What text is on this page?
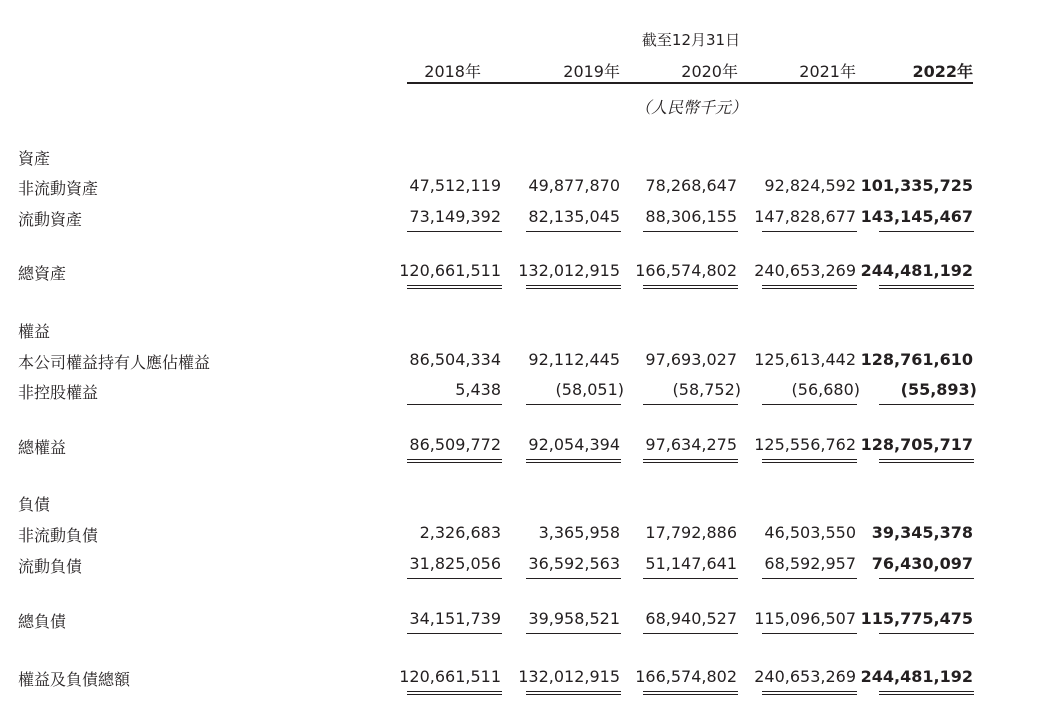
截至12月31日
2018年	2019年	2020年	2021年	2022年
（人民幣千元）
資產
非流動資產	47,512,119	49,877,870	78,268,647	92,824,592 101,335,725
流動資產	73,149,392	82,135,045	88,306,155	147,828,677 143,145,467
總資產	120,661,511	132,012,915 166,574,802	240,653,269 244,481,192
權益
本公司權益持有人應佔權益	86,504,334	92,112,445	97,693,027	125,613,442 128,761,610
非控股權益	5,438	(58,051)	(58,752)	(56,680)	(55,893)
總權益	86,509,772	92,054,394	97,634,275	125,556,762 128,705,717
負債
非流動負債	2,326,683	3,365,958	17,792,886	46,503,550 39,345,378
流動負債	31,825,056	36,592,563	51,147,641	68,592,957 76,430,097
總負債	34,151,739	39,958,521	68,940,527	115,096,507 115,775,475
權益及負債總額	120,661,511	132,012,915 166,574,802	240,653,269 244,481,192
